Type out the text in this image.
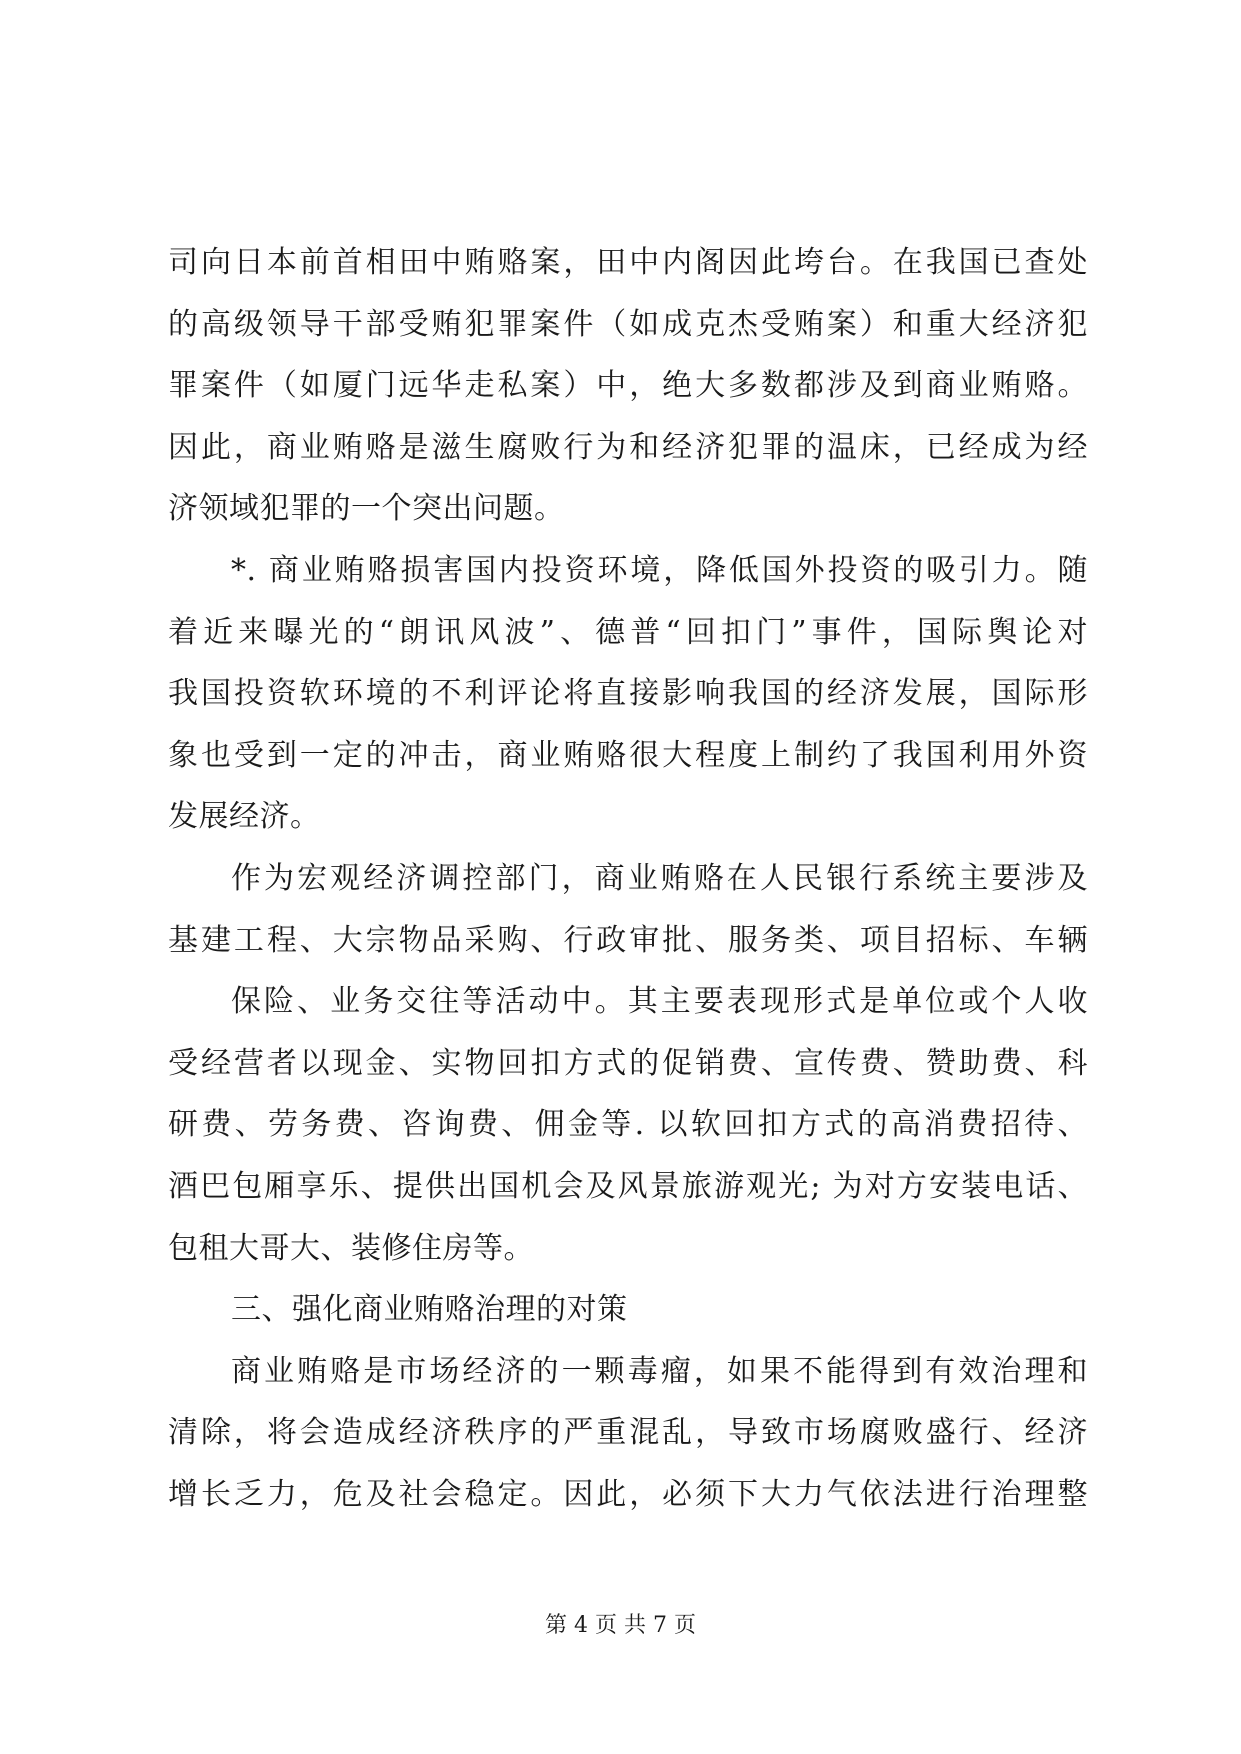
司向日本前首相田中贿赂案，田中内阁因此垮台。在我国已查处
的高级领导干部受贿犯罪案件（如成克杰受贿案）和重大经济犯
罪案件（如厦门远华走私案）中，绝大多数都涉及到商业贿赂。
因此，商业贿赂是滋生腐败行为和经济犯罪的温床，已经成为经
济领域犯罪的一个突出问题。
*. 商业贿赂损害国内投资环境，降低国外投资的吸引力。随
着近来曝光的“朗讯风波”、德普“回扣门”事件，国际舆论对
我国投资软环境的不利评论将直接影响我国的经济发展，国际形
象也受到一定的冲击，商业贿赂很大程度上制约了我国利用外资
发展经济。
作为宏观经济调控部门，商业贿赂在人民银行系统主要涉及
基建工程、大宗物品采购、行政审批、服务类、项目招标、车辆
保险、业务交往等活动中。其主要表现形式是单位或个人收
受经营者以现金、实物回扣方式的促销费、宣传费、赞助费、科
研费、劳务费、咨询费、佣金等. 以软回扣方式的高消费招待、
酒巴包厢享乐、提供出国机会及风景旅游观光; 为对方安装电话、
包租大哥大、装修住房等。
三、强化商业贿赂治理的对策
商业贿赂是市场经济的一颗毒瘤，如果不能得到有效治理和
清除，将会造成经济秩序的严重混乱，导致市场腐败盛行、经济
增长乏力，危及社会稳定。因此，必须下大力气依法进行治理整
第 4 页 共 7 页
